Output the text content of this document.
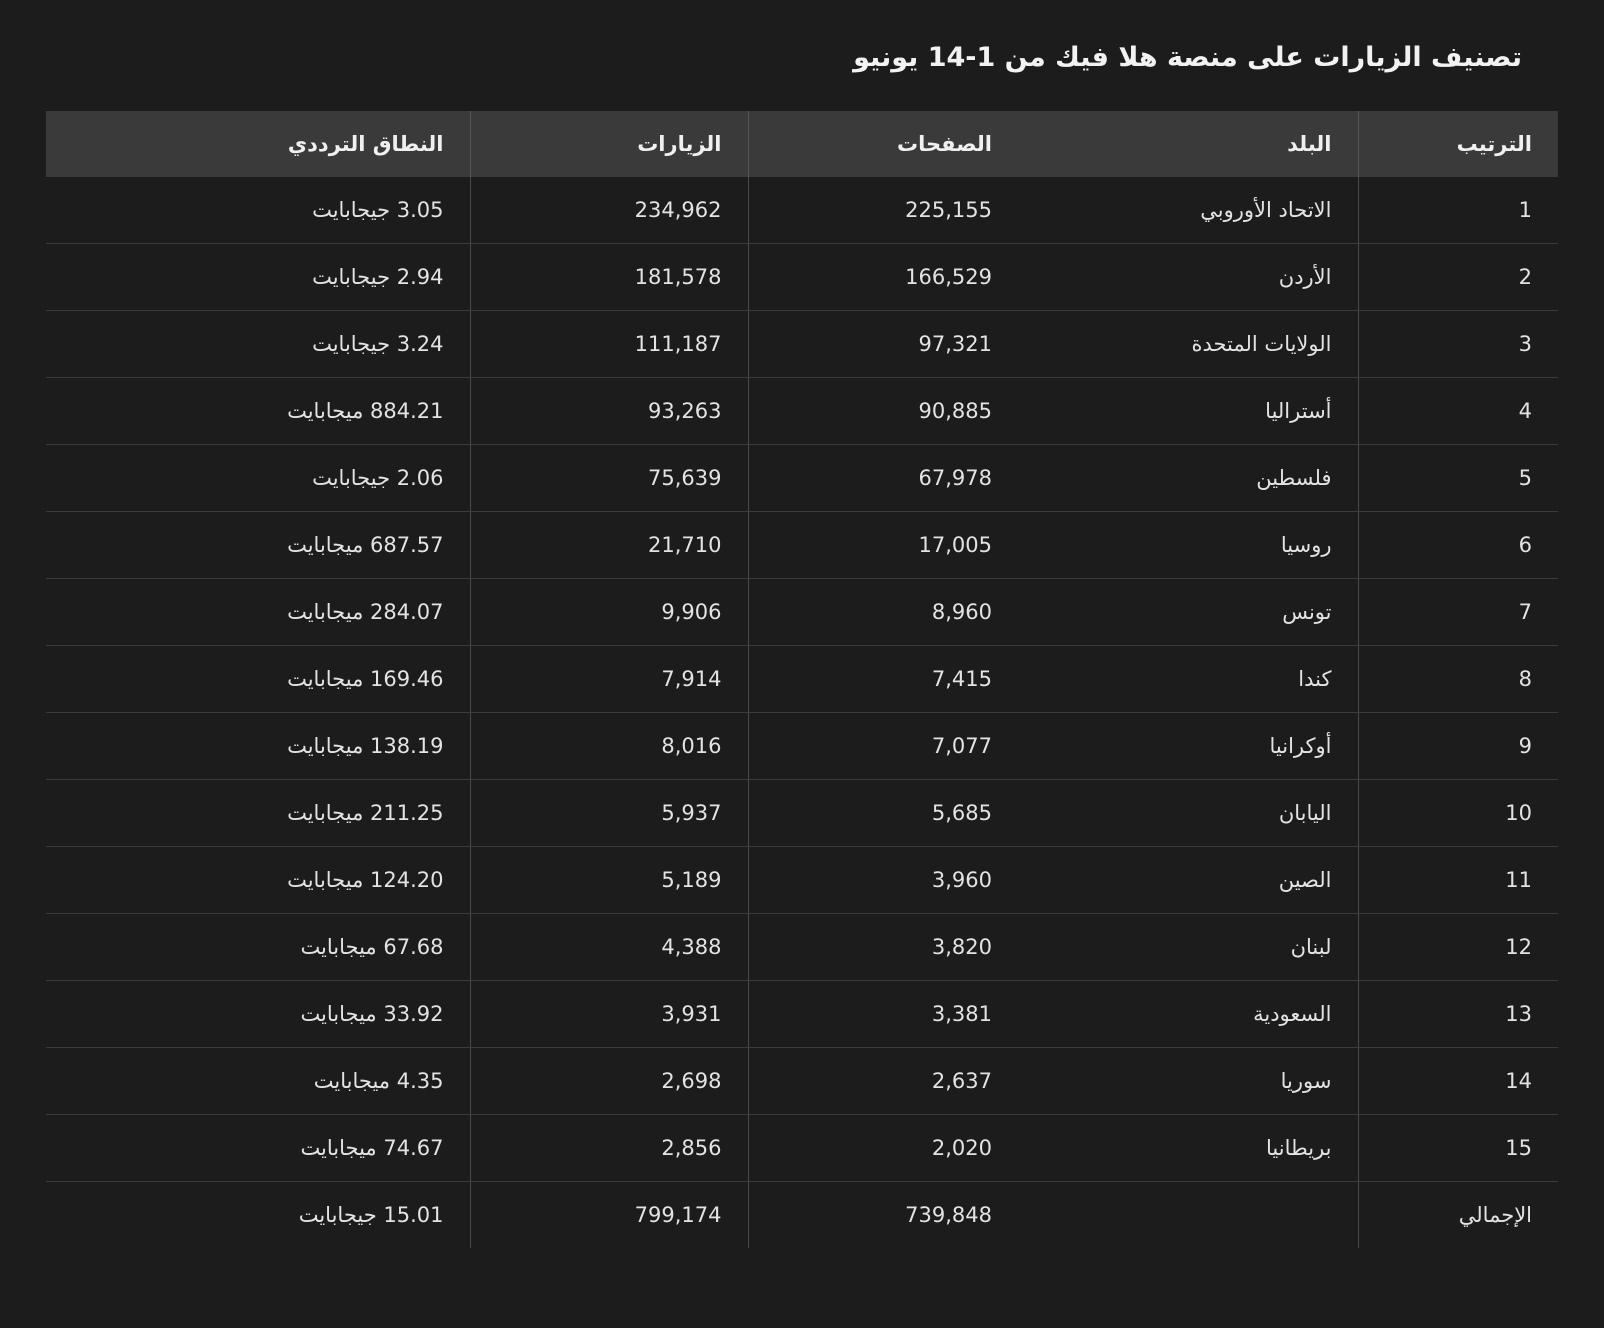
تصنيف الزيارات على منصة هلا فيك من 1-14 يونيو
الترتيب	البلد	الصفحات	الزيارات	النطاق الترددي
1	الاتحاد الأوروبي	225,155	234,962	3.05 جيجابايت
2	الأردن	166,529	181,578	2.94 جيجابايت
3	الولايات المتحدة	97,321	111,187	3.24 جيجابايت
4	أستراليا	90,885	93,263	884.21 ميجابايت
5	فلسطين	67,978	75,639	2.06 جيجابايت
6	روسيا	17,005	21,710	687.57 ميجابايت
7	تونس	8,960	9,906	284.07 ميجابايت
8	كندا	7,415	7,914	169.46 ميجابايت
9	أوكرانيا	7,077	8,016	138.19 ميجابايت
10	اليابان	5,685	5,937	211.25 ميجابايت
11	الصين	3,960	5,189	124.20 ميجابايت
12	لبنان	3,820	4,388	67.68 ميجابايت
13	السعودية	3,381	3,931	33.92 ميجابايت
14	سوريا	2,637	2,698	4.35 ميجابايت
15	بريطانيا	2,020	2,856	74.67 ميجابايت
الإجمالي		739,848	799,174	15.01 جيجابايت
